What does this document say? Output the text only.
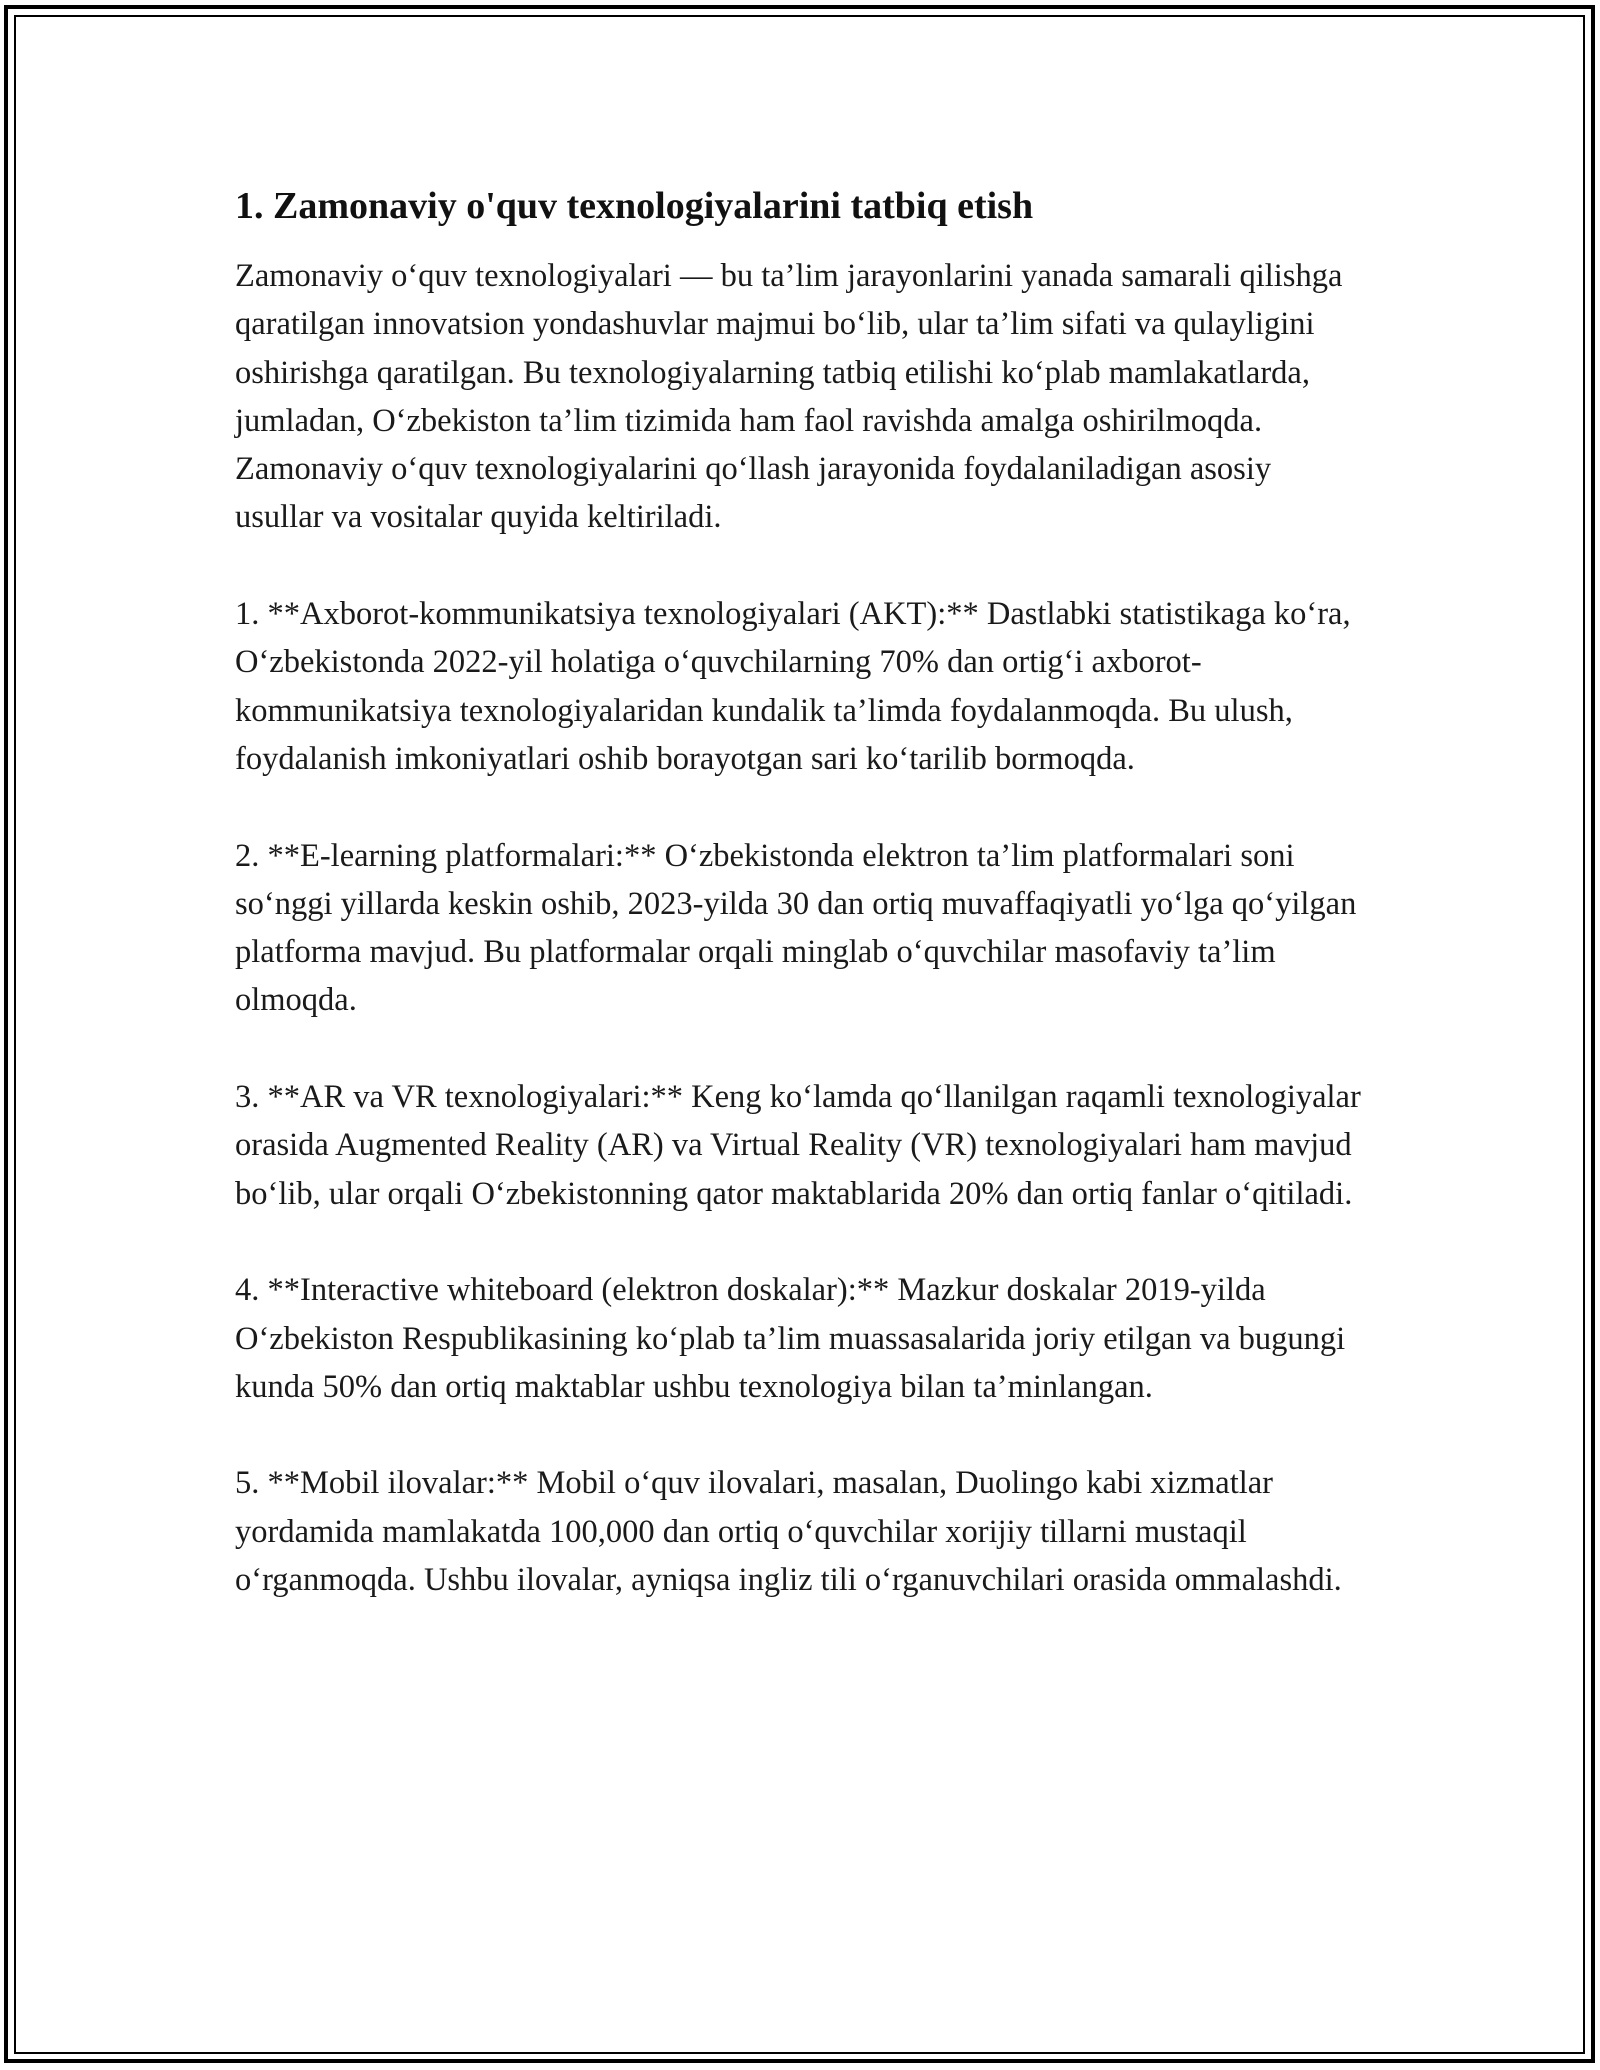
1. Zamonaviy o'quv texnologiyalarini tatbiq etish

Zamonaviy o‘quv texnologiyalari — bu ta’lim jarayonlarini yanada samarali qilishga qaratilgan innovatsion yondashuvlar majmui bo‘lib, ular ta’lim sifati va qulayligini oshirishga qaratilgan. Bu texnologiyalarning tatbiq etilishi ko‘plab mamlakatlarda, jumladan, O‘zbekiston ta’lim tizimida ham faol ravishda amalga oshirilmoqda. Zamonaviy o‘quv texnologiyalarini qo‘llash jarayonida foydalaniladigan asosiy usullar va vositalar quyida keltiriladi.

1. **Axborot-kommunikatsiya texnologiyalari (AKT):** Dastlabki statistikaga ko‘ra, O‘zbekistonda 2022-yil holatiga o‘quvchilarning 70% dan ortig‘i axborot-kommunikatsiya texnologiyalaridan kundalik ta’limda foydalanmoqda. Bu ulush, foydalanish imkoniyatlari oshib borayotgan sari ko‘tarilib bormoqda.

2. **E-learning platformalari:** O‘zbekistonda elektron ta’lim platformalari soni so‘nggi yillarda keskin oshib, 2023-yilda 30 dan ortiq muvaffaqiyatli yo‘lga qo‘yilgan platforma mavjud. Bu platformalar orqali minglab o‘quvchilar masofaviy ta’lim olmoqda.

3. **AR va VR texnologiyalari:** Keng ko‘lamda qo‘llanilgan raqamli texnologiyalar orasida Augmented Reality (AR) va Virtual Reality (VR) texnologiyalari ham mavjud bo‘lib, ular orqali O‘zbekistonning qator maktablarida 20% dan ortiq fanlar o‘qitiladi.

4. **Interactive whiteboard (elektron doskalar):** Mazkur doskalar 2019-yilda O‘zbekiston Respublikasining ko‘plab ta’lim muassasalarida joriy etilgan va bugungi kunda 50% dan ortiq maktablar ushbu texnologiya bilan ta’minlangan.

5. **Mobil ilovalar:** Mobil o‘quv ilovalari, masalan, Duolingo kabi xizmatlar yordamida mamlakatda 100,000 dan ortiq o‘quvchilar xorijiy tillarni mustaqil o‘rganmoqda. Ushbu ilovalar, ayniqsa ingliz tili o‘rganuvchilari orasida ommalashdi.
